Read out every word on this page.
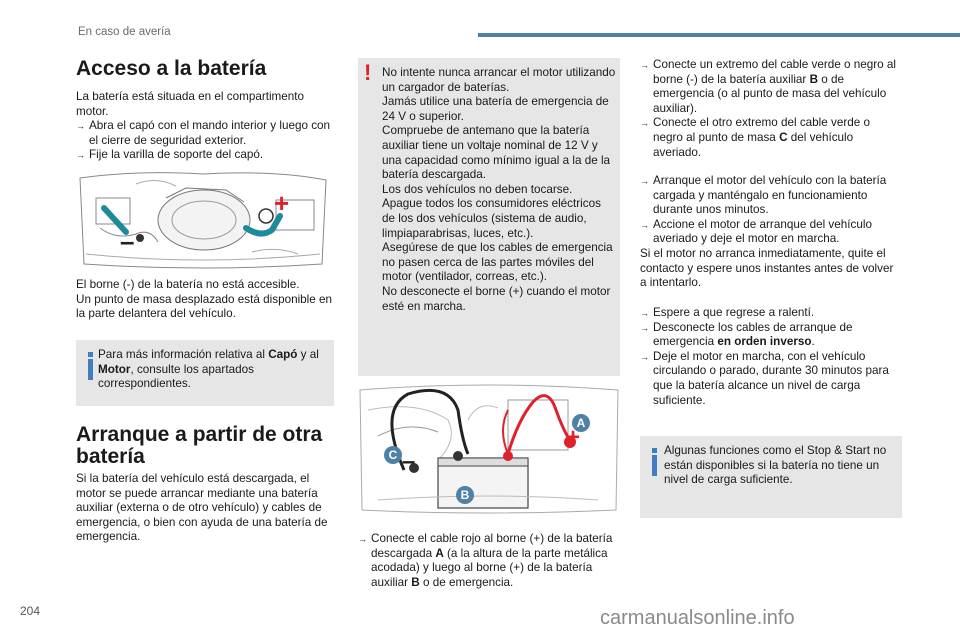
En caso de avería
Acceso a la batería

La batería está situada en el compartimento motor.

→ Abra el capó con el mando interior y luego con el cierre de seguridad exterior.
→ Fije la varilla de soporte del capó.
–
+

El borne (-) de la batería no está accesible.

Un punto de masa desplazado está disponible en la parte delantera del vehículo.

Para más información relativa al Capó y al Motor, consulte los apartados correspondientes.
Arranque a partir de otra
batería
Si la batería del vehículo está descargada, el motor se puede arrancar mediante una batería auxiliar (externa o de otro vehículo) y cables de emergencia, o bien con ayuda de una batería de emergencia.
! No intente nunca arrancar el motor utilizando un cargador de baterías.
Jamás utilice una batería de emergencia de 24 V o superior.
Compruebe de antemano que la batería auxiliar tiene un voltaje nominal de 12 V y una capacidad como mínimo igual a la de la batería descargada.
Los dos vehículos no deben tocarse.
Apague todos los consumidores eléctricos de los dos vehículos (sistema de audio, limpiaparabrisas, luces, etc.).
Asegúrese de que los cables de emergencia no pasen cerca de las partes móviles del motor (ventilador, correas, etc.).
No desconecte el borne (+) cuando el motor esté en marcha.
A
B
C –
+
→ Conecte el cable rojo al borne (+) de la batería descargada A (a la altura de la parte metálica acodada) y luego al borne (+) de la batería auxiliar B o de emergencia.
→ Conecte un extremo del cable verde o negro al borne (-) de la batería auxiliar B o de emergencia (o al punto de masa del vehículo auxiliar).
→ Conecte el otro extremo del cable verde o negro al punto de masa C del vehículo averiado.
→ Arranque el motor del vehículo con la batería cargada y manténgalo en funcionamiento durante unos minutos.
→ Accione el motor de arranque del vehículo averiado y deje el motor en marcha.

Si el motor no arranca inmediatamente, quite el contacto y espere unos instantes antes de volver a intentarlo.

→ Espere a que regrese a ralentí.
→ Desconecte los cables de arranque de emergencia en orden inverso.
→ Deje el motor en marcha, con el vehículo circulando o parado, durante 30 minutos para que la batería alcance un nivel de carga suficiente.
Algunas funciones como el Stop & Start no están disponibles si la batería no tiene un nivel de carga suficiente.
204	carmanualsonline.info
